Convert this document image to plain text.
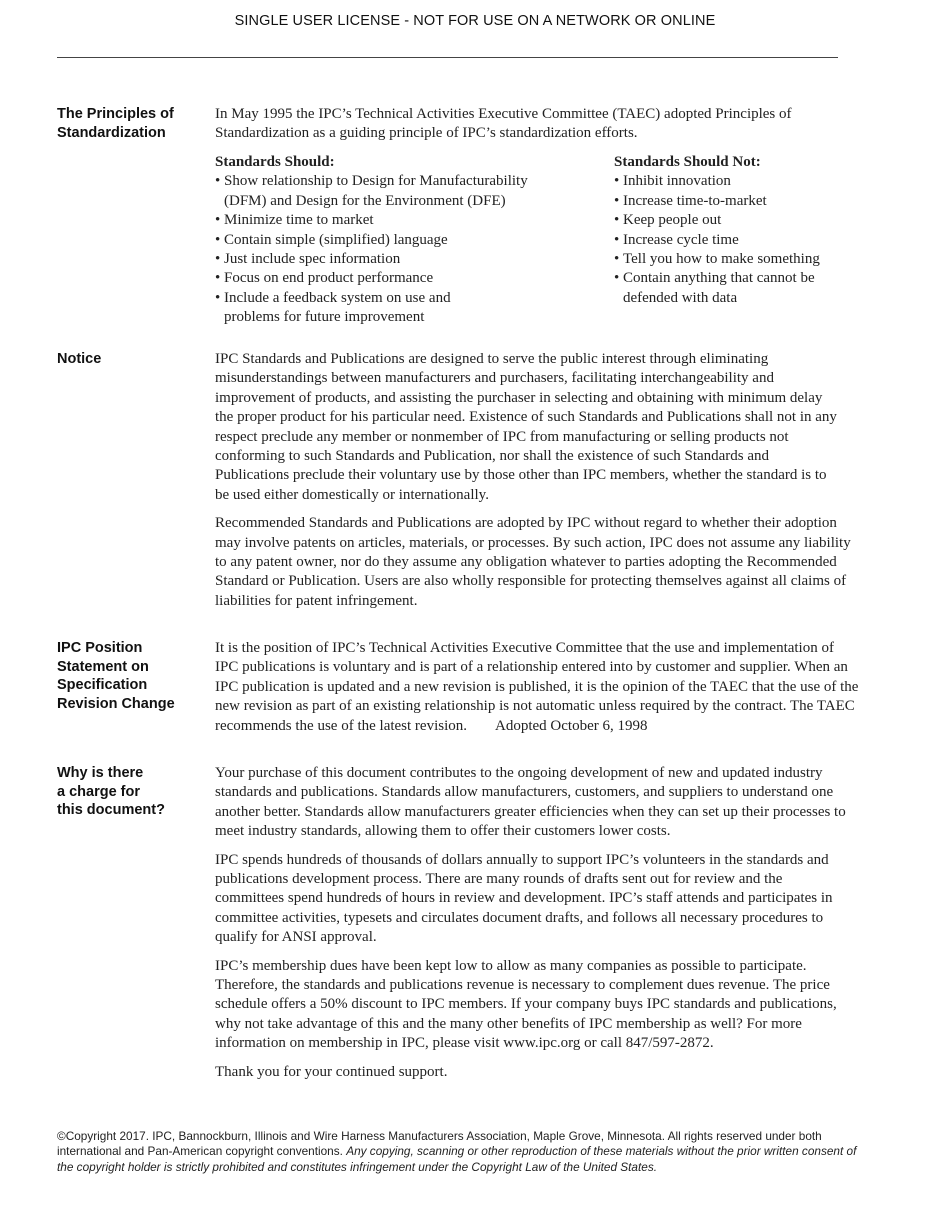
SINGLE USER LICENSE - NOT FOR USE ON A NETWORK OR ONLINE
The Principles of
Standardization
In May 1995 the IPC’s Technical Activities Executive Committee (TAEC) adopted Principles of Standardization as a guiding principle of IPC’s standardization efforts.
Standards Should:
• Show relationship to Design for Manufacturability (DFM) and Design for the Environment (DFE)
• Minimize time to market
• Contain simple (simplified) language
• Just include spec information
• Focus on end product performance
• Include a feedback system on use and problems for future improvement
Standards Should Not:
• Inhibit innovation
• Increase time-to-market
• Keep people out
• Increase cycle time
• Tell you how to make something
• Contain anything that cannot be defended with data
Notice	IPC Standards and Publications are designed to serve the public interest through eliminating misunderstandings between manufacturers and purchasers, facilitating interchangeability and improvement of products, and assisting the purchaser in selecting and obtaining with minimum delay the proper product for his particular need. Existence of such Standards and Publications shall not in any respect preclude any member or nonmember of IPC from manufacturing or selling products not conforming to such Standards and Publication, nor shall the existence of such Standards and Publications preclude their voluntary use by those other than IPC members, whether the standard is to be used either domestically or internationally.

Recommended Standards and Publications are adopted by IPC without regard to whether their adoption may involve patents on articles, materials, or processes. By such action, IPC does not assume any liability to any patent owner, nor do they assume any obligation whatever to parties adopting the Recommended Standard or Publication. Users are also wholly responsible for protecting themselves against all claims of liabilities for patent infringement.

IPC Position
Statement on
Specification
Revision Change
It is the position of IPC’s Technical Activities Executive Committee that the use and implementation of IPC publications is voluntary and is part of a relationship entered into by customer and supplier. When an IPC publication is updated and a new revision is published, it is the opinion of the TAEC that the use of the new revision as part of an existing relationship is not automatic unless required by the contract. The TAEC recommends the use of the latest revision. Adopted October 6, 1998
Why is there
a charge for
this document?

Your purchase of this document contributes to the ongoing development of new and updated industry standards and publications. Standards allow manufacturers, customers, and suppliers to understand one another better. Standards allow manufacturers greater efficiencies when they can set up their processes to meet industry standards, allowing them to offer their customers lower costs.

IPC spends hundreds of thousands of dollars annually to support IPC’s volunteers in the standards and publications development process. There are many rounds of drafts sent out for review and the committees spend hundreds of hours in review and development. IPC’s staff attends and participates in committee activities, typesets and circulates document drafts, and follows all necessary procedures to qualify for ANSI approval.

IPC’s membership dues have been kept low to allow as many companies as possible to participate. Therefore, the standards and publications revenue is necessary to complement dues revenue. The price schedule offers a 50% discount to IPC members. If your company buys IPC standards and publications, why not take advantage of this and the many other benefits of IPC membership as well? For more information on membership in IPC, please visit www.ipc.org or call 847/597-2872.

Thank you for your continued support.

©Copyright 2017. IPC, Bannockburn, Illinois and Wire Harness Manufacturers Association, Maple Grove, Minnesota. All rights reserved under both international and Pan-American copyright conventions. Any copying, scanning or other reproduction of these materials without the prior written consent of the copyright holder is strictly prohibited and constitutes infringement under the Copyright Law of the United States.
